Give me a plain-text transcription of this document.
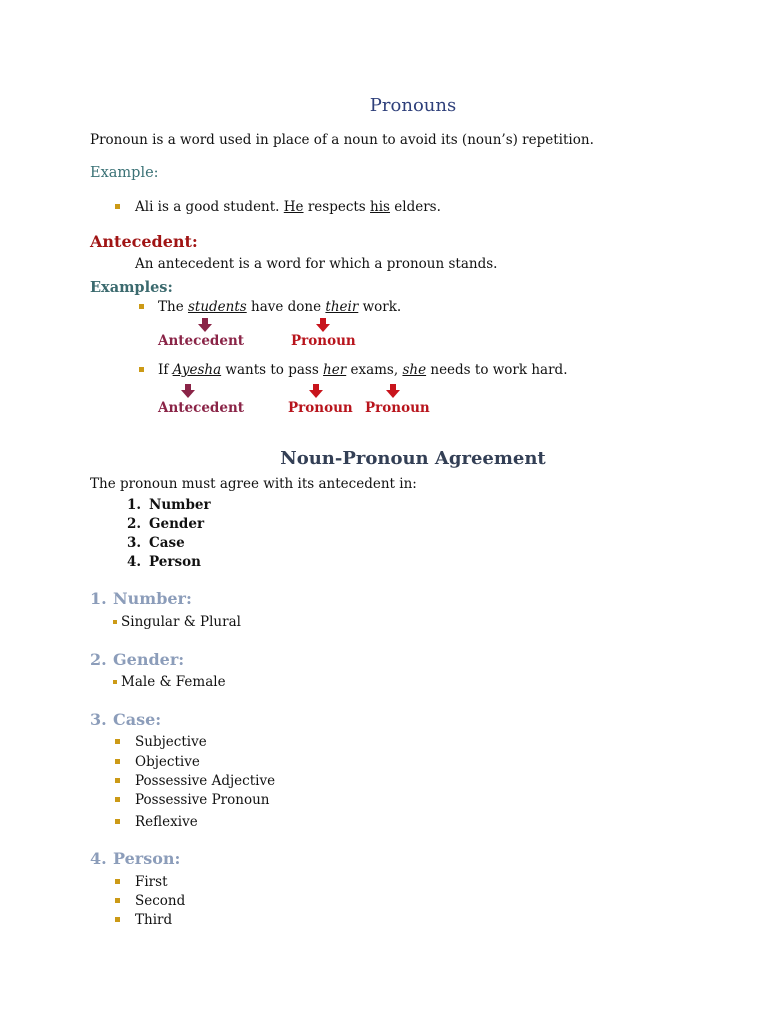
Pronouns
Pronoun is a word used in place of a noun to avoid its (noun’s) repetition.
Example:
Ali is a good student. He respects his elders.
Antecedent:
An antecedent is a word for which a pronoun stands.
Examples:
The students have done their work.
Antecedent	Pronoun
If Ayesha wants to pass her exams, she needs to work hard.
Antecedent	Pronoun Pronoun
Noun-Pronoun Agreement
The pronoun must agree with its antecedent in:
1. Number
2. Gender
3. Case
4. Person
1. Number:
Singular & Plural
2. Gender:
Male & Female
3. Case:
Subjective
Objective
Possessive Adjective
Possessive Pronoun
Reflexive
4. Person:
First
Second
Third
